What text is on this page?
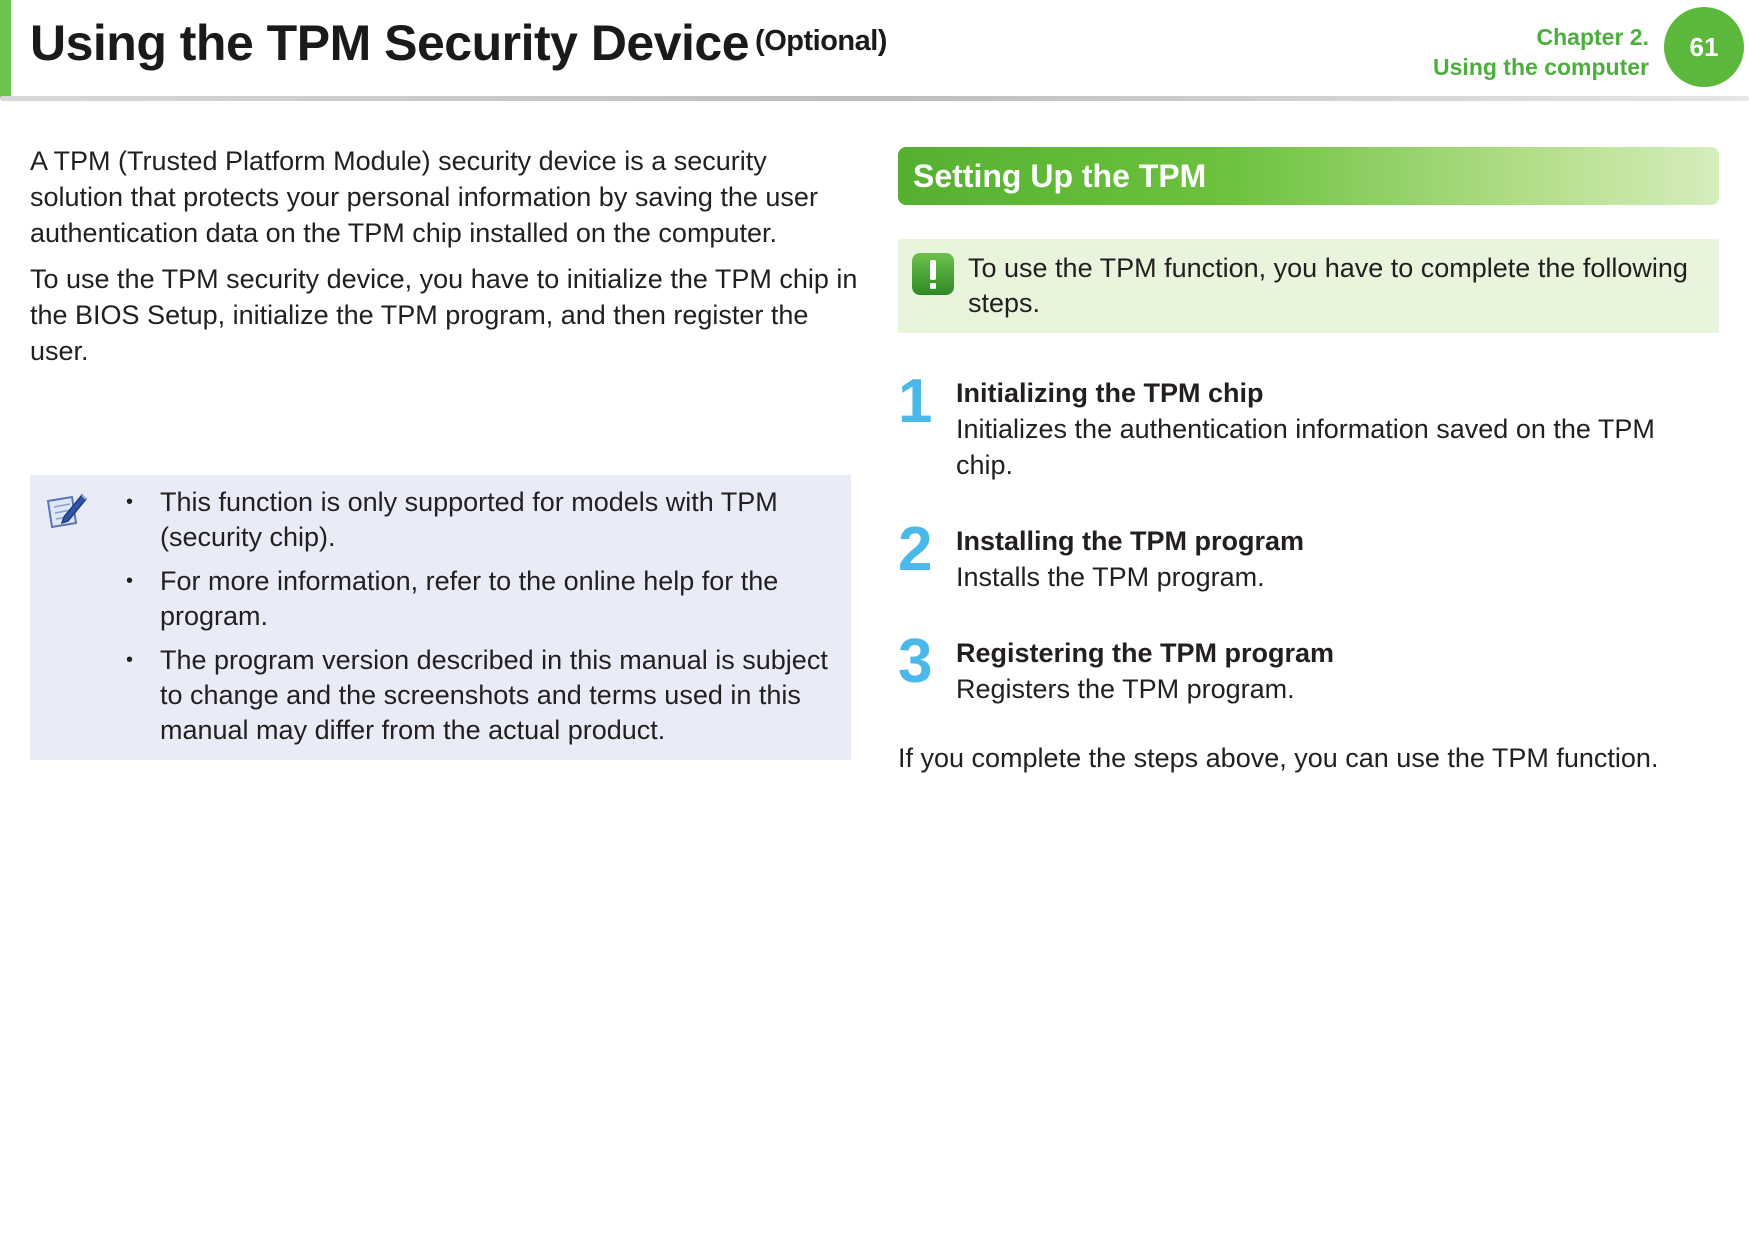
Using the TPM Security Device $^{(Optional)}$	Chapter 2.
Using the computer
61

A TPM (Trusted Platform Module) security device is a security solution that protects your personal information by saving the user authentication data on the TPM chip installed on the computer.

To use the TPM security device, you have to initialize the TPM chip in the BIOS Setup, initialize the TPM program, and then register the user.

• This function is only supported for models with TPM (security chip).
• For more information, refer to the online help for the program.
• The program version described in this manual is subject to change and the screenshots and terms used in this manual may differ from the actual product.
Setting Up the TPM

To use the TPM function, you have to complete the following steps.

1 Initializing the TPM chip
Initializes the authentication information saved on the TPM chip.
2 Installing the TPM program
Installs the TPM program.
3 Registering the TPM program
Registers the TPM program.

If you complete the steps above, you can use the TPM function.
